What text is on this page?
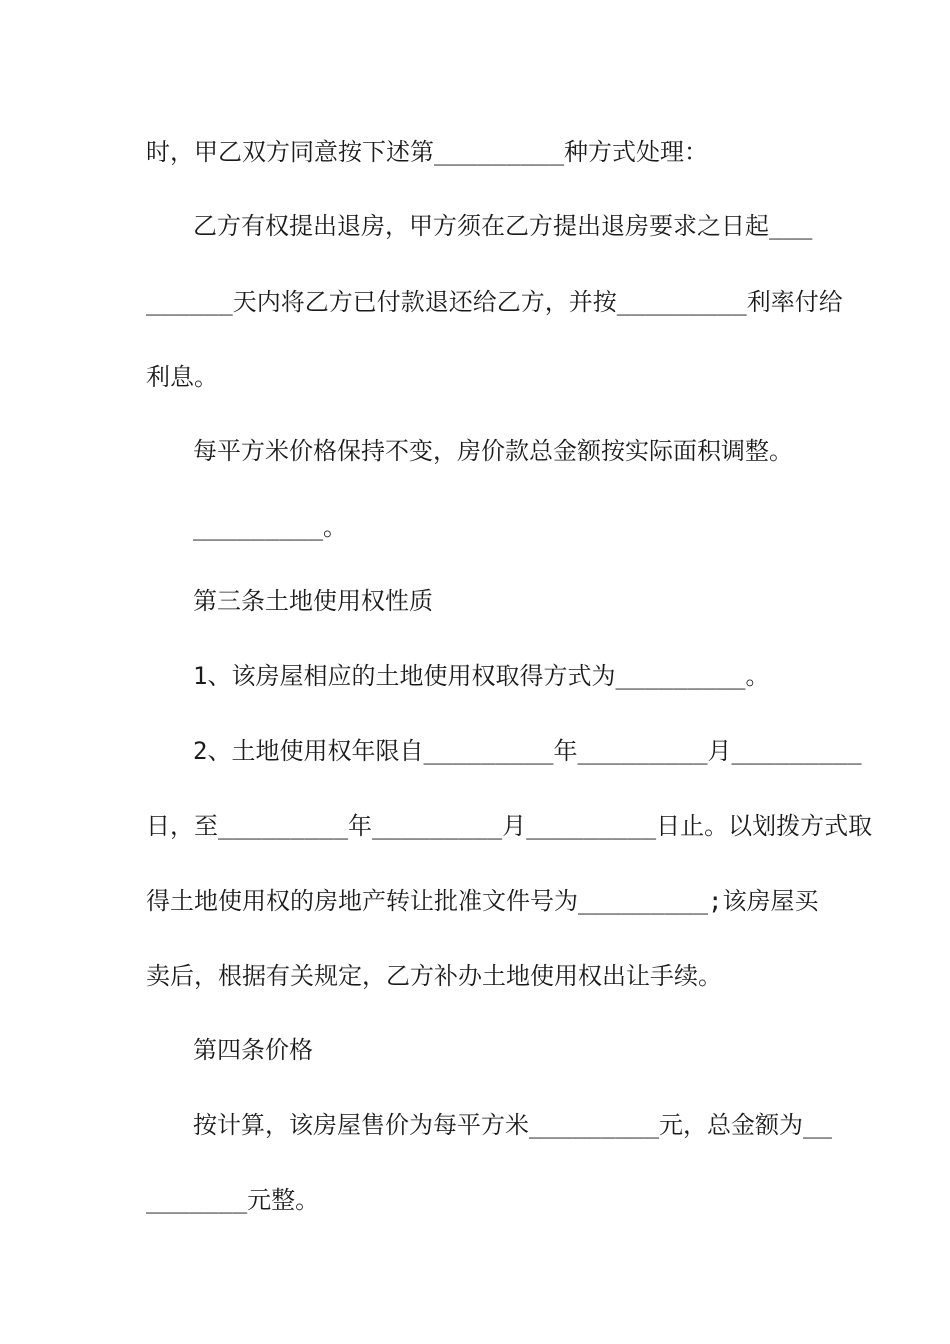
时，甲乙双方同意按下述第_________种方式处理：
乙方有权提出退房，甲方须在乙方提出退房要求之日起___
______天内将乙方已付款退还给乙方，并按_________利率付给
利息。
每平方米价格保持不变，房价款总金额按实际面积调整。
_________。
第三条土地使用权性质
1、该房屋相应的土地使用权取得方式为_________。
2、土地使用权年限自_________年_________月_________
日，至_________年_________月_________日止。以划拨方式取
得土地使用权的房地产转让批准文件号为_________;该房屋买
卖后，根据有关规定，乙方补办土地使用权出让手续。
第四条价格
按计算，该房屋售价为每平方米_________元，总金额为__
_______元整。
